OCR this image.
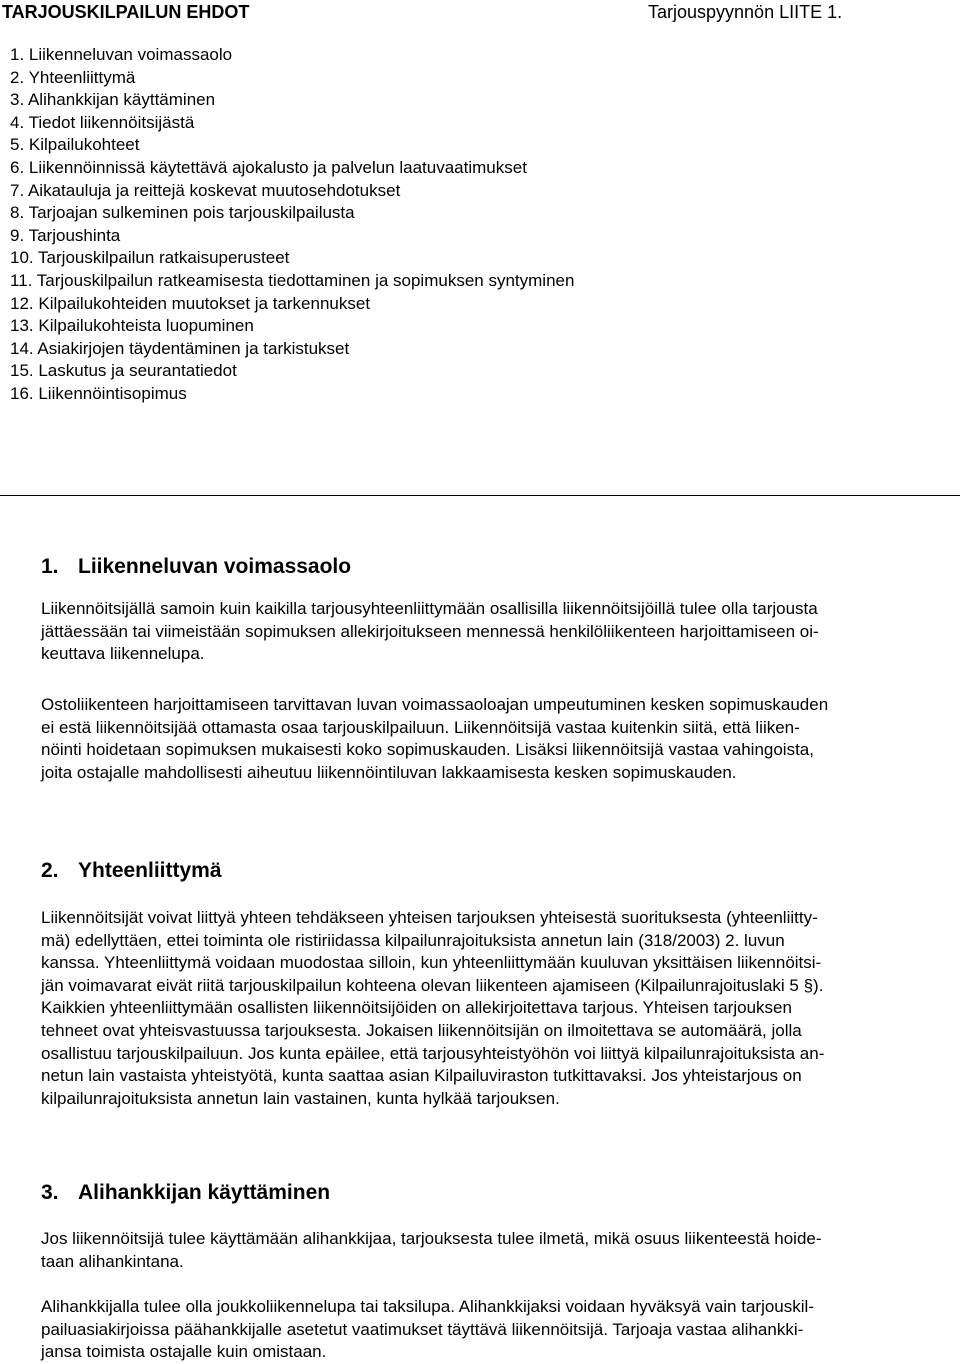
TARJOUSKILPAILUN EHDOT	Tarjouspyynnön LIITE 1.
1. Liikenneluvan voimassaolo
2. Yhteenliittymä
3. Alihankkijan käyttäminen
4. Tiedot liikennöitsijästä
5. Kilpailukohteet
6. Liikennöinnissä käytettävä ajokalusto ja palvelun laatuvaatimukset
7. Aikatauluja ja reittejä koskevat muutosehdotukset
8. Tarjoajan sulkeminen pois tarjouskilpailusta
9. Tarjoushinta
10. Tarjouskilpailun ratkaisuperusteet
11. Tarjouskilpailun ratkeamisesta tiedottaminen ja sopimuksen syntyminen
12. Kilpailukohteiden muutokset ja tarkennukset
13. Kilpailukohteista luopuminen
14. Asiakirjojen täydentäminen ja tarkistukset
15. Laskutus ja seurantatiedot
16. Liikennöintisopimus
1. Liikenneluvan voimassaolo

Liikennöitsijällä samoin kuin kaikilla tarjousyhteenliittymään osallisilla liikennöitsijöillä tulee olla tarjousta
jättäessään tai viimeistään sopimuksen allekirjoitukseen mennessä henkilöliikenteen harjoittamiseen oi-
keuttava liikennelupa.

Ostoliikenteen harjoittamiseen tarvittavan luvan voimassaoloajan umpeutuminen kesken sopimuskauden
ei estä liikennöitsijää ottamasta osaa tarjouskilpailuun. Liikennöitsijä vastaa kuitenkin siitä, että liiken-
nöinti hoidetaan sopimuksen mukaisesti koko sopimuskauden. Lisäksi liikennöitsijä vastaa vahingoista,
joita ostajalle mahdollisesti aiheutuu liikennöintiluvan lakkaamisesta kesken sopimuskauden.

2. Yhteenliittymä

Liikennöitsijät voivat liittyä yhteen tehdäkseen yhteisen tarjouksen yhteisestä suorituksesta (yhteenliitty-
mä) edellyttäen, ettei toiminta ole ristiriidassa kilpailunrajoituksista annetun lain (318/2003) 2. luvun
kanssa. Yhteenliittymä voidaan muodostaa silloin, kun yhteenliittymään kuuluvan yksittäisen liikennöitsi-
jän voimavarat eivät riitä tarjouskilpailun kohteena olevan liikenteen ajamiseen (Kilpailunrajoituslaki 5 §).
Kaikkien yhteenliittymään osallisten liikennöitsijöiden on allekirjoitettava tarjous. Yhteisen tarjouksen
tehneet ovat yhteisvastuussa tarjouksesta. Jokaisen liikennöitsijän on ilmoitettava se automäärä, jolla
osallistuu tarjouskilpailuun. Jos kunta epäilee, että tarjousyhteistyöhön voi liittyä kilpailunrajoituksista an-
netun lain vastaista yhteistyötä, kunta saattaa asian Kilpailuviraston tutkittavaksi. Jos yhteistarjous on
kilpailunrajoituksista annetun lain vastainen, kunta hylkää tarjouksen.

3. Alihankkijan käyttäminen

Jos liikennöitsijä tulee käyttämään alihankkijaa, tarjouksesta tulee ilmetä, mikä osuus liikenteestä hoide-
taan alihankintana.

Alihankkijalla tulee olla joukkoliikennelupa tai taksilupa. Alihankkijaksi voidaan hyväksyä vain tarjouskil-
pailuasiakirjoissa päähankkijalle asetetut vaatimukset täyttävä liikennöitsijä. Tarjoaja vastaa alihankki-
jansa toimista ostajalle kuin omistaan.
